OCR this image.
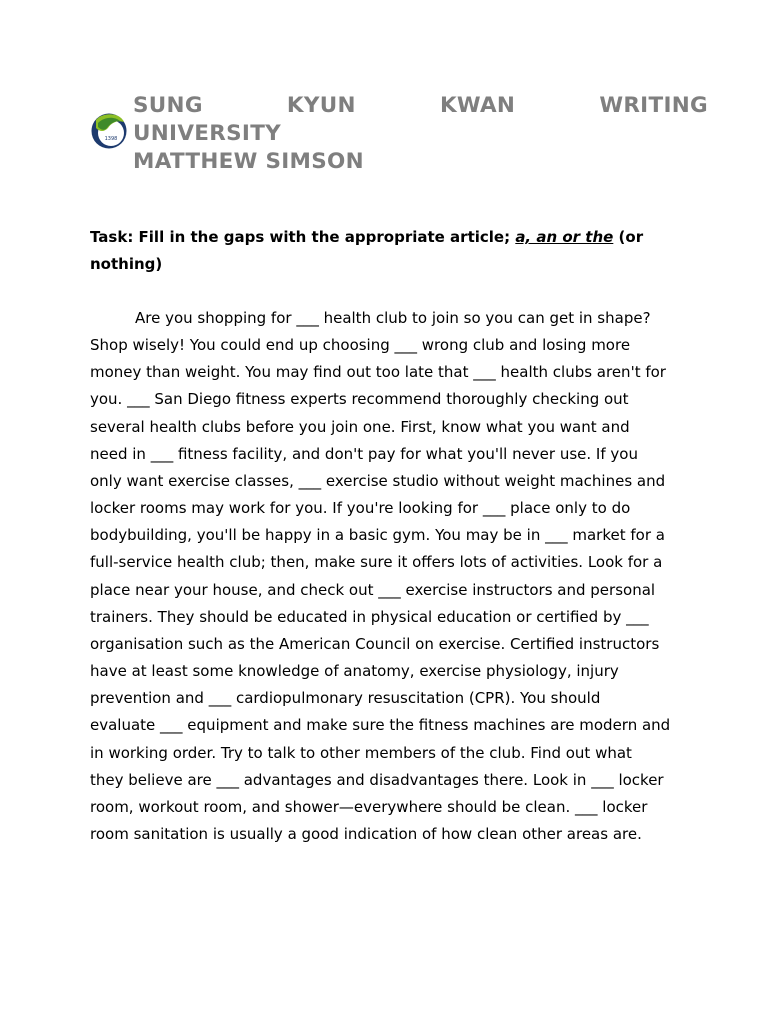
1398
SUNG	KYUN	KWAN	WRITING
UNIVERSITY
MATTHEW SIMSON
Task: Fill in the gaps with the appropriate article; a, an or the (or
nothing)
Are you shopping for ___ health club to join so you can get in shape?
Shop wisely! You could end up choosing ___ wrong club and losing more
money than weight. You may find out too late that ___ health clubs aren't for
you. ___ San Diego fitness experts recommend thoroughly checking out
several health clubs before you join one. First, know what you want and
need in ___ fitness facility, and don't pay for what you'll never use. If you
only want exercise classes, ___ exercise studio without weight machines and
locker rooms may work for you. If you're looking for ___ place only to do
bodybuilding, you'll be happy in a basic gym. You may be in ___ market for a
full-service health club; then, make sure it offers lots of activities. Look for a
place near your house, and check out ___ exercise instructors and personal
trainers. They should be educated in physical education or certified by ___
organisation such as the American Council on exercise. Certified instructors
have at least some knowledge of anatomy, exercise physiology, injury
prevention and ___ cardiopulmonary resuscitation (CPR). You should
evaluate ___ equipment and make sure the fitness machines are modern and
in working order. Try to talk to other members of the club. Find out what
they believe are ___ advantages and disadvantages there. Look in ___ locker
room, workout room, and shower—everywhere should be clean. ___ locker
room sanitation is usually a good indication of how clean other areas are.
